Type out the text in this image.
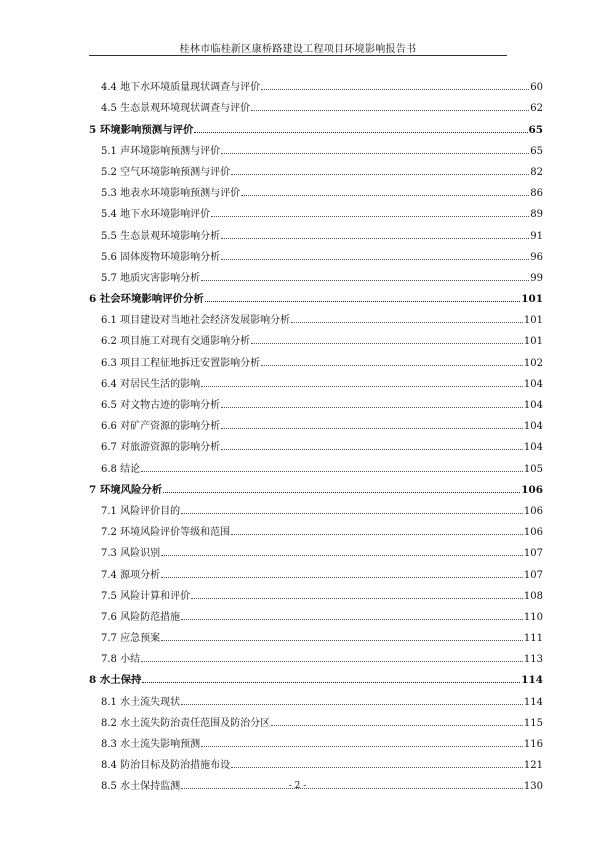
桂林市临桂新区康桥路建设工程项目环境影响报告书
4.4 地下水环境质量现状调查与评价	60
4.5 生态景观环境现状调查与评价	62
5 环境影响预测与评价	65
5.1 声环境影响预测与评价	65
5.2 空气环境影响预测与评价	82
5.3 地表水环境影响预测与评价	86
5.4 地下水环境影响评价	89
5.5 生态景观环境影响分析	91
5.6 固体废物环境影响分析	96
5.7 地质灾害影响分析	99
6 社会环境影响评价分析	101
6.1 项目建设对当地社会经济发展影响分析	101
6.2 项目施工对现有交通影响分析	101
6.3 项目工程征地拆迁安置影响分析	102
6.4 对居民生活的影响	104
6.5 对文物古迹的影响分析	104
6.6 对矿产资源的影响分析	104
6.7 对旅游资源的影响分析	104
6.8 结论	105
7 环境风险分析	106
7.1 风险评价目的	106
7.2 环境风险评价等级和范围	106
7.3 风险识别	107
7.4 源项分析	107
7.5 风险计算和评价	108
7.6 风险防范措施	110
7.7 应急预案	111
7.8 小结	113
8 水土保持	114
8.1 水土流失现状	114
8.2 水土流失防治责任范围及防治分区	115
8.3 水土流失影响预测	116
8.4 防治目标及防治措施布设	121
8.5 水土保持监测	130
- 2 -
